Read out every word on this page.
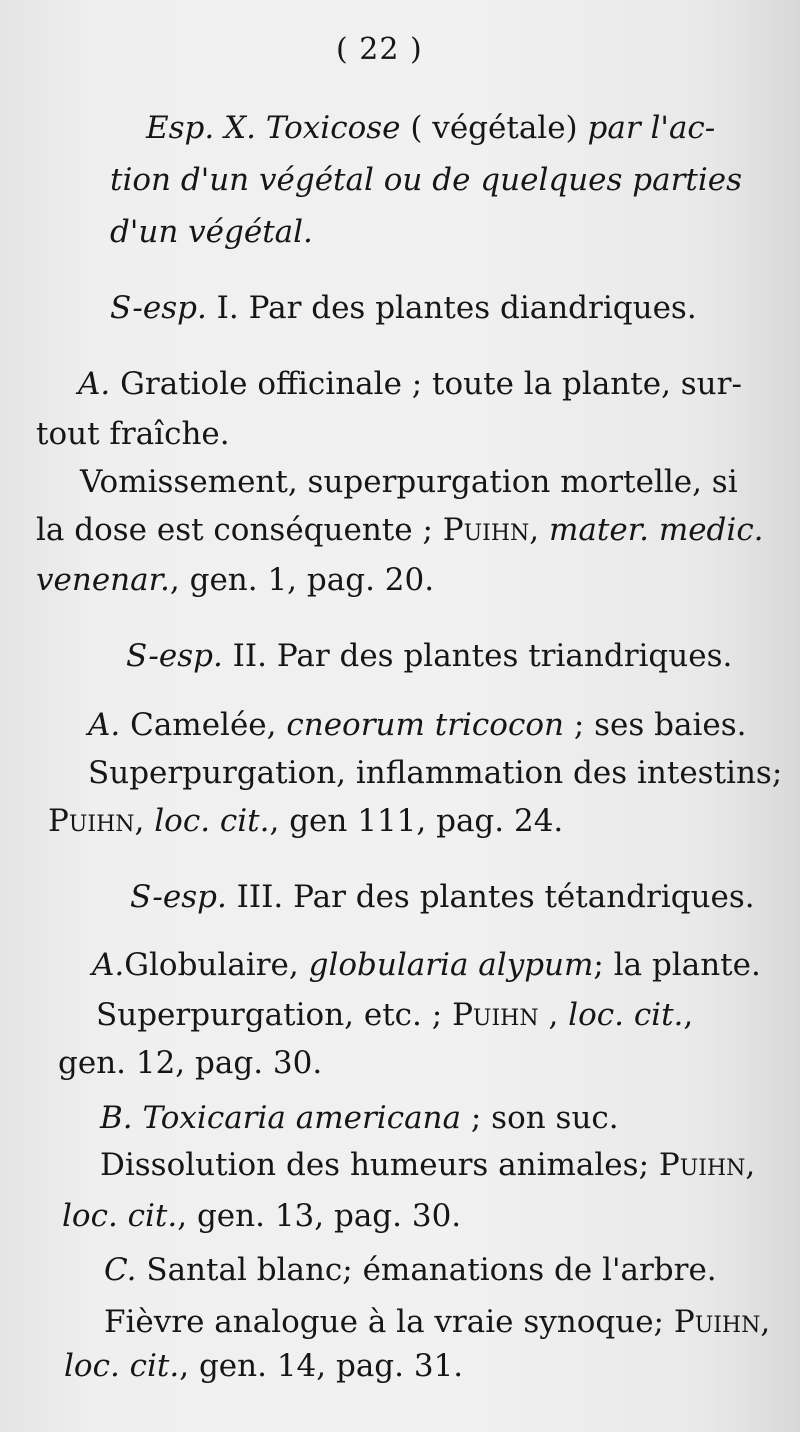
( 22 )
Esp. X. Toxicose ( végétale) par l'ac-
tion d'un végétal ou de quelques parties
d'un végétal.
S-esp. I. Par des plantes diandriques.
A. Gratiole officinale ; toute la plante, sur-
tout fraîche.
Vomissement, superpurgation mortelle, si
la dose est conséquente ; Puihn, mater. medic.
venenar., gen. 1, pag. 20.
S-esp. II. Par des plantes triandriques.
A. Camelée, cneorum tricocon ; ses baies.
Superpurgation, inflammation des intestins;
Puihn, loc. cit., gen 111, pag. 24.
S-esp. III. Par des plantes tétandriques.
A.Globulaire, globularia alypum; la plante.
Superpurgation, etc. ; Puihn , loc. cit.,
gen. 12, pag. 30.
B. Toxicaria americana ; son suc.
Dissolution des humeurs animales; Puihn,
loc. cit., gen. 13, pag. 30.
C. Santal blanc; émanations de l'arbre.
Fièvre analogue à la vraie synoque; Puihn,
loc. cit., gen. 14, pag. 31.
